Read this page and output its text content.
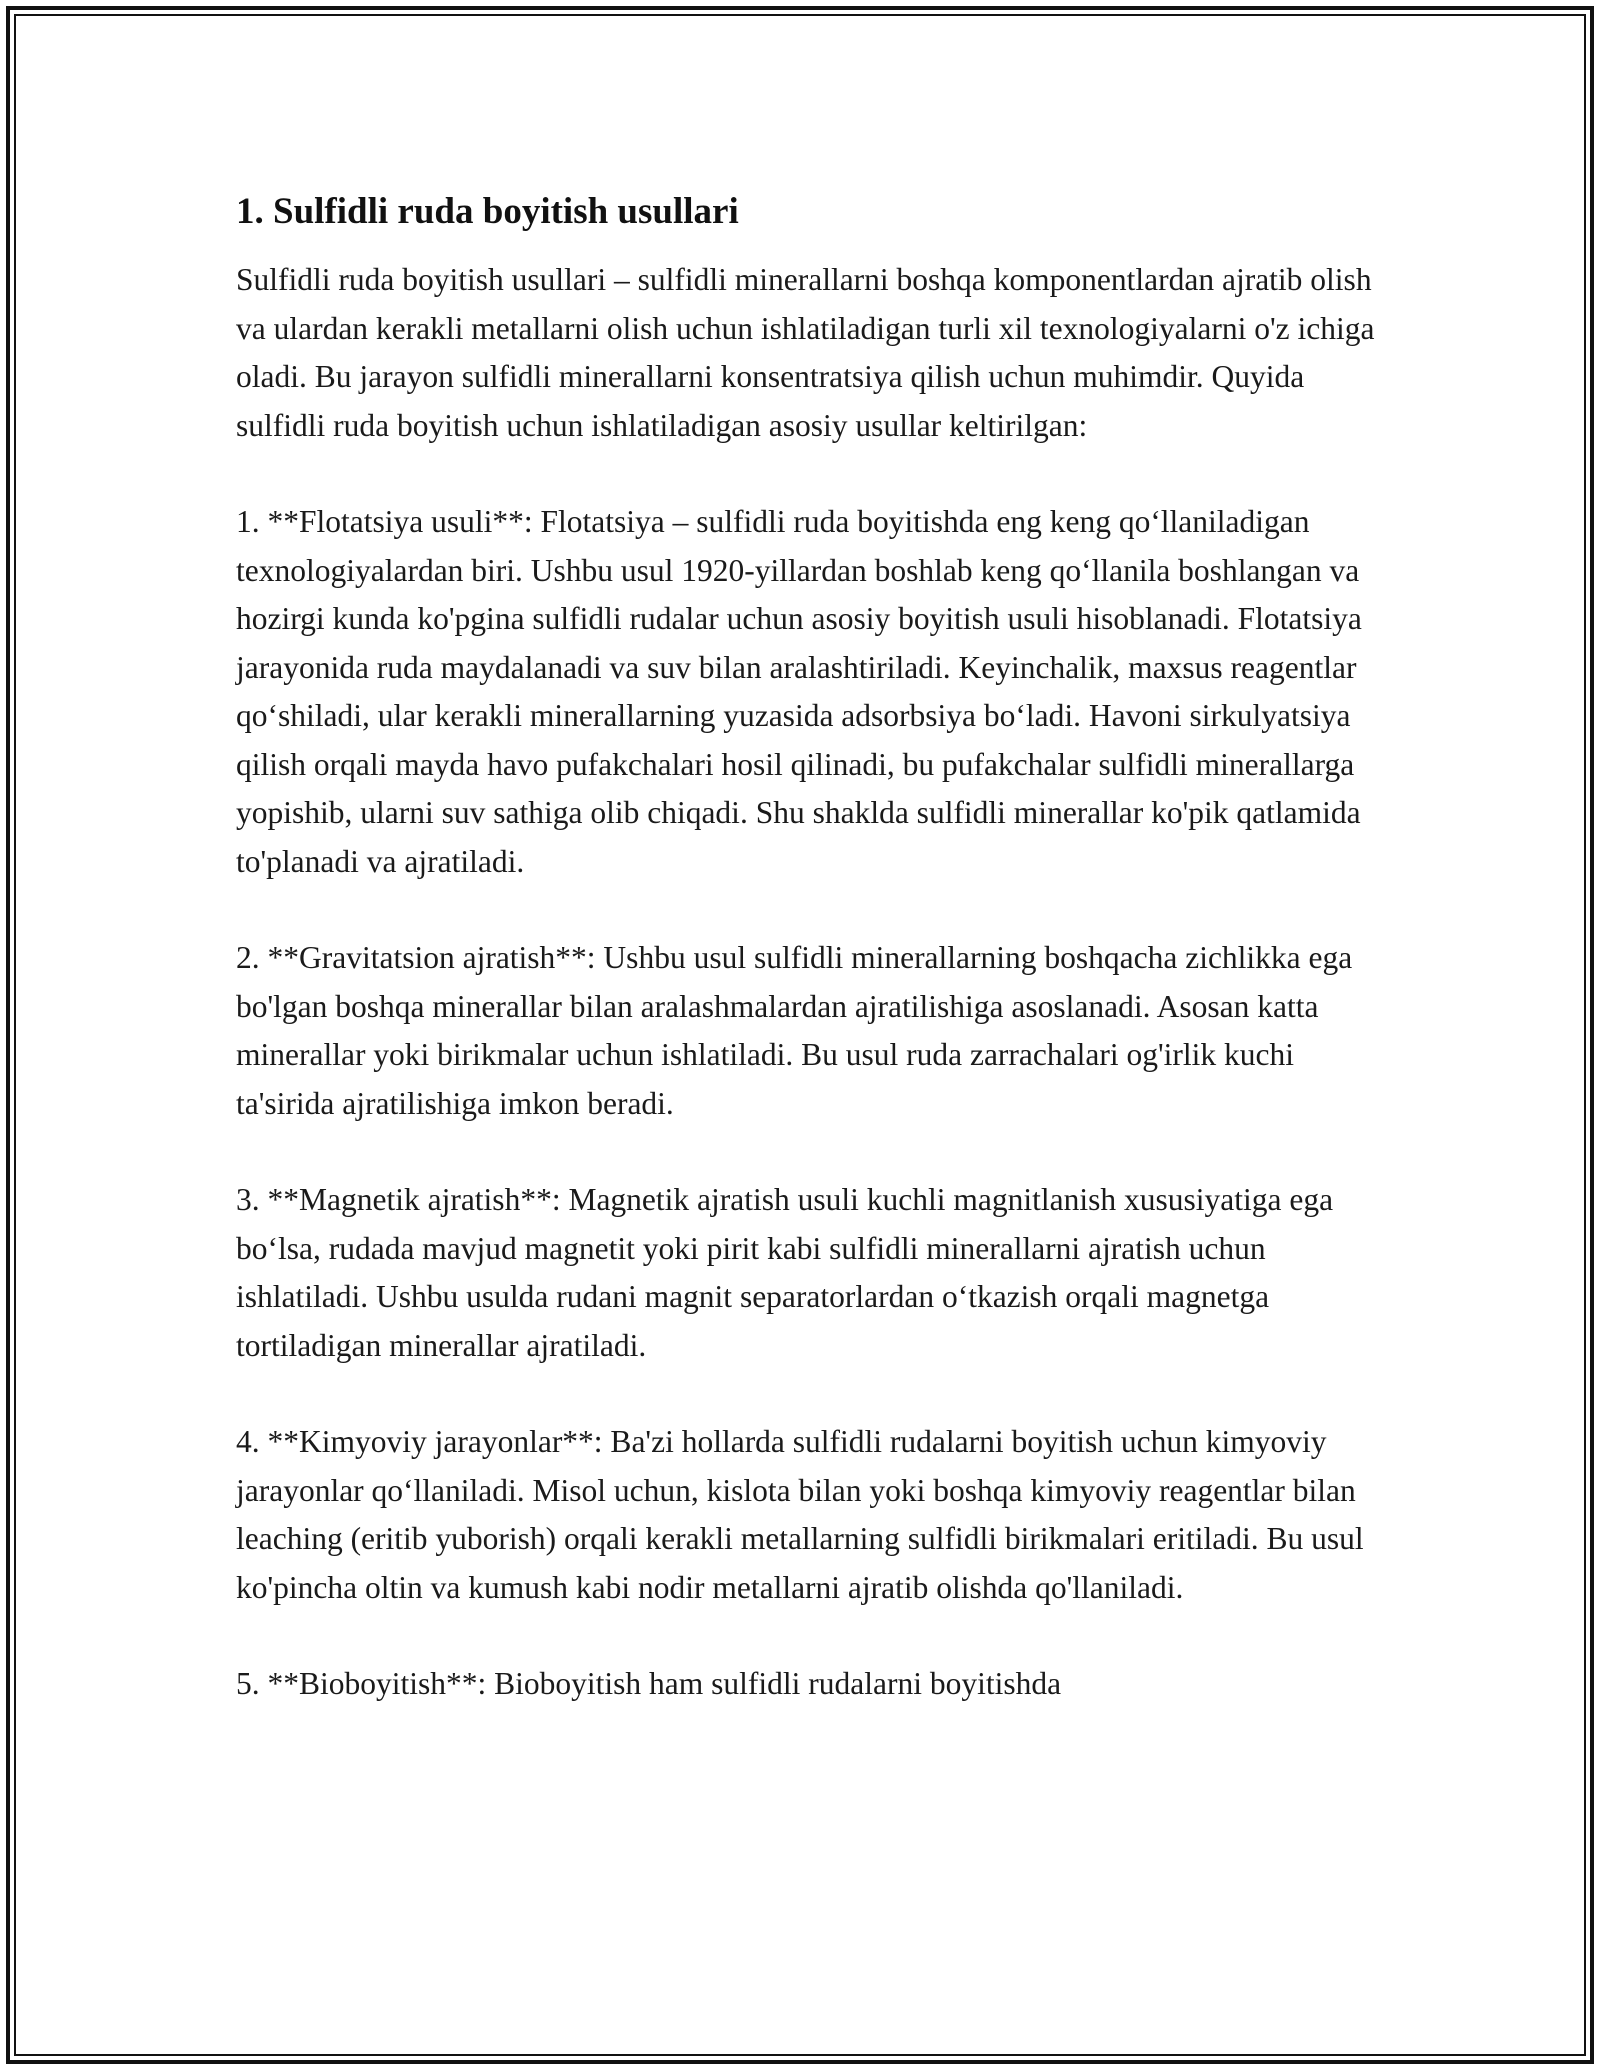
1. Sulfidli ruda boyitish usullari

Sulfidli ruda boyitish usullari – sulfidli minerallarni boshqa komponentlardan ajratib olish va ulardan kerakli metallarni olish uchun ishlatiladigan turli xil texnologiyalarni o'z ichiga oladi. Bu jarayon sulfidli minerallarni konsentratsiya qilish uchun muhimdir. Quyida sulfidli ruda boyitish uchun ishlatiladigan asosiy usullar keltirilgan:

1. **Flotatsiya usuli**: Flotatsiya – sulfidli ruda boyitishda eng keng qo‘llaniladigan texnologiyalardan biri. Ushbu usul 1920-yillardan boshlab keng qo‘llanila boshlangan va hozirgi kunda ko'pgina sulfidli rudalar uchun asosiy boyitish usuli hisoblanadi. Flotatsiya jarayonida ruda maydalanadi va suv bilan aralashtiriladi. Keyinchalik, maxsus reagentlar qo‘shiladi, ular kerakli minerallarning yuzasida adsorbsiya bo‘ladi. Havoni sirkulyatsiya qilish orqali mayda havo pufakchalari hosil qilinadi, bu pufakchalar sulfidli minerallarga yopishib, ularni suv sathiga olib chiqadi. Shu shaklda sulfidli minerallar ko'pik qatlamida to'planadi va ajratiladi.

2. **Gravitatsion ajratish**: Ushbu usul sulfidli minerallarning boshqacha zichlikka ega bo'lgan boshqa minerallar bilan aralashmalardan ajratilishiga asoslanadi. Asosan katta minerallar yoki birikmalar uchun ishlatiladi. Bu usul ruda zarrachalari og'irlik kuchi ta'sirida ajratilishiga imkon beradi.

3. **Magnetik ajratish**: Magnetik ajratish usuli kuchli magnitlanish xususiyatiga ega bo‘lsa, rudada mavjud magnetit yoki pirit kabi sulfidli minerallarni ajratish uchun ishlatiladi. Ushbu usulda rudani magnit separatorlardan o‘tkazish orqali magnetga tortiladigan minerallar ajratiladi.

4. **Kimyoviy jarayonlar**: Ba'zi hollarda sulfidli rudalarni boyitish uchun kimyoviy jarayonlar qo‘llaniladi. Misol uchun, kislota bilan yoki boshqa kimyoviy reagentlar bilan leaching (eritib yuborish) orqali kerakli metallarning sulfidli birikmalari eritiladi. Bu usul ko'pincha oltin va kumush kabi nodir metallarni ajratib olishda qo'llaniladi.

5. **Bioboyitish**: Bioboyitish ham sulfidli rudalarni boyitishda
